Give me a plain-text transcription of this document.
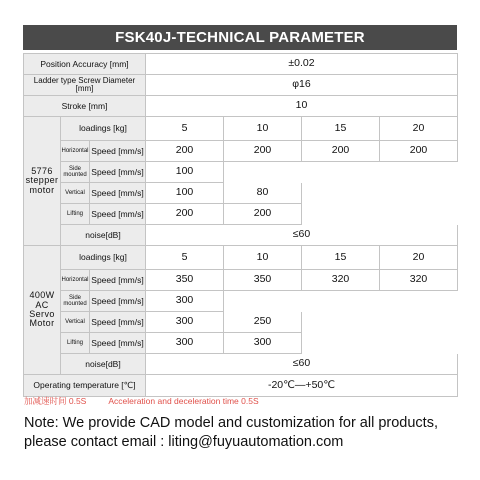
FSK40J-TECHNICAL PARAMETER
Position Accuracy [mm]			±0.02			
Ladder type Screw Diameter [mm]			φ16			
Stroke [mm]			10			
5776
stepper
motor	loadings [kg]		5	10	15	20
	Horizontal	Speed [mm/s]	200	200	200	200
	Side mounted	Speed [mm/s]	100			
	Vertical	Speed [mm/s]	100	80		
	Lifting	Speed [mm/s]	200	200		
	noise[dB]		≤60			
400W
AC
Servo
Motor	loadings [kg]		5	10	15	20
	Horizontal	Speed [mm/s]	350	350	320	320
	Side mounted	Speed [mm/s]	300			
	Vertical	Speed [mm/s]	300	250		
	Lifting	Speed [mm/s]	300	300		
	noise[dB]		≤60			
Operating temperature [℃]			-20℃—+50℃			
加减速时间 0.5S	Acceleration and deceleration time 0.5S
Note: We provide CAD model and customization for all products,
please contact email : liting@fuyuautomation.com
